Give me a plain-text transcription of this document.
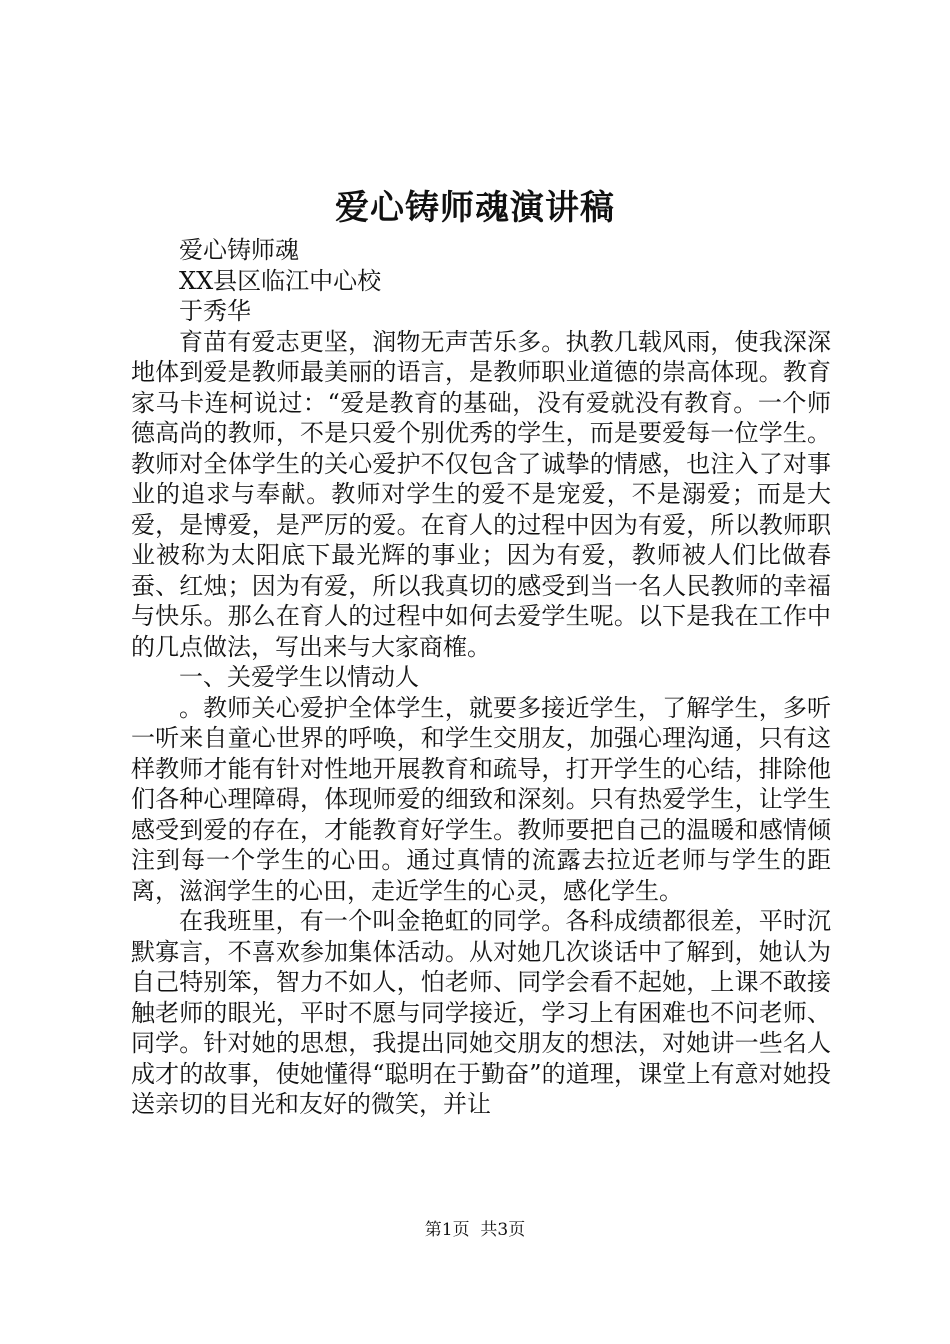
爱心铸师魂演讲稿

爱心铸师魂

XX县区临江中心校

于秀华

育苗有爱志更坚，润物无声苦乐多。执教几载风雨，使我深深地体到爱是教师最美丽的语言，是教师职业道德的崇高体现。教育家马卡连柯说过：“爱是教育的基础，没有爱就没有教育。一个师德高尚的教师，不是只爱个别优秀的学生，而是要爱每一位学生。教师对全体学生的关心爱护不仅包含了诚挚的情感，也注入了对事业的追求与奉献。教师对学生的爱不是宠爱，不是溺爱；而是大爱，是博爱，是严厉的爱。在育人的过程中因为有爱，所以教师职业被称为太阳底下最光辉的事业；因为有爱，教师被人们比做春蚕、红烛；因为有爱，所以我真切的感受到当一名人民教师的幸福与快乐。那么在育人的过程中如何去爱学生呢。以下是我在工作中的几点做法，写出来与大家商榷。

一、关爱学生以情动人

。教师关心爱护全体学生，就要多接近学生，了解学生，多听一听来自童心世界的呼唤，和学生交朋友，加强心理沟通，只有这样教师才能有针对性地开展教育和疏导，打开学生的心结，排除他们各种心理障碍，体现师爱的细致和深刻。只有热爱学生，让学生感受到爱的存在，才能教育好学生。教师要把自己的温暖和感情倾注到每一个学生的心田。通过真情的流露去拉近老师与学生的距离，滋润学生的心田，走近学生的心灵，感化学生。

在我班里，有一个叫金艳虹的同学。各科成绩都很差，平时沉默寡言，不喜欢参加集体活动。从对她几次谈话中了解到，她认为自己特别笨，智力不如人，怕老师、同学会看不起她，上课不敢接触老师的眼光，平时不愿与同学接近，学习上有困难也不问老师、同学。针对她的思想，我提出同她交朋友的想法，对她讲一些名人成才的故事，使她懂得“聪明在于勤奋”的道理，课堂上有意对她投送亲切的目光和友好的微笑，并让

第1页 共3页
